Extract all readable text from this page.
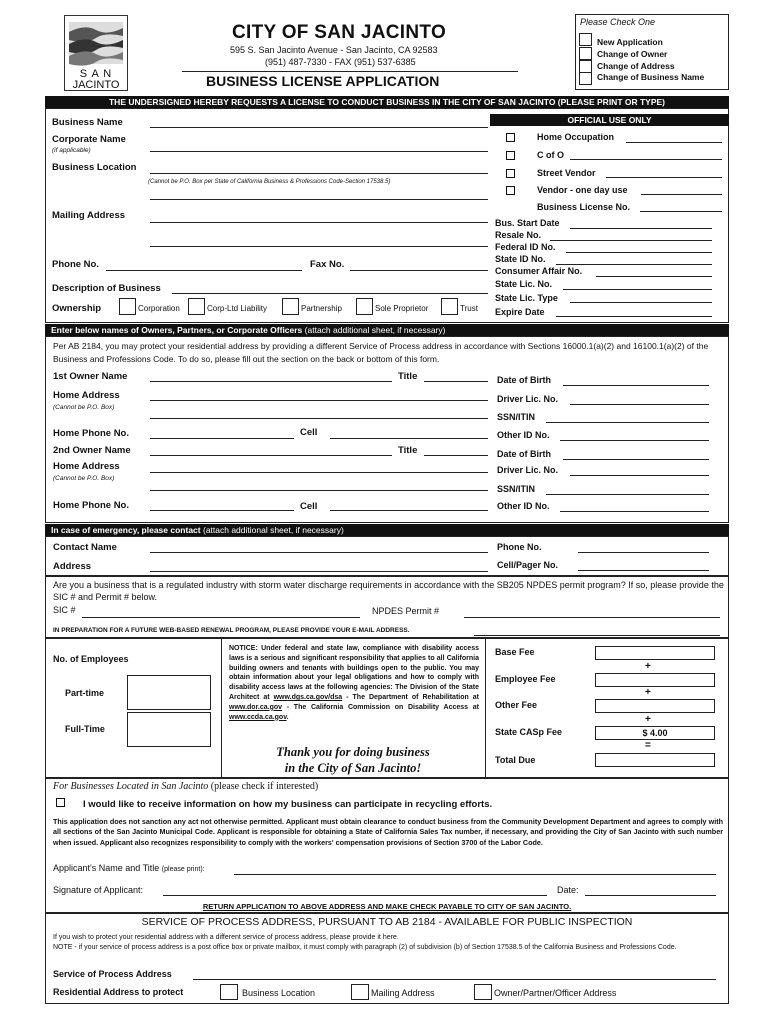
S A N
JACINTO
CITY OF SAN JACINTO
595 S. San Jacinto Avenue - San Jacinto, CA 92583
(951) 487-7330 - FAX (951) 537-6385
BUSINESS LICENSE APPLICATION
Please Check One
New Application
Change of Owner
Change of Address
Change of Business Name
THE UNDERSIGNED HEREBY REQUESTS A LICENSE TO CONDUCT BUSINESS IN THE CITY OF SAN JACINTO (PLEASE PRINT OR TYPE)
Business Name
Corporate Name
(if applicable)
Business Location
(Cannot be P.O. Box per State of California Business & Professions Code-Section 17538.5)
Mailing Address
Phone No.	Fax No.
Description of Business
Ownership	Corporation	Corp-Ltd Liability	Partnership	Sole Proprietor	Trust
OFFICIAL USE ONLY
Home Occupation
C of O
Street Vendor
Vendor - one day use
Business License No.
Bus. Start Date
Resale No.
Federal ID No.
State ID No.
Consumer Affair No.
State Lic. No.
State Lic. Type
Expire Date
Enter below names of Owners, Partners, or Corporate Officers (attach additional sheet, if necessary)
Per AB 2184, you may protect your residential address by providing a different Service of Process address in accordance with Sections 16000.1(a)(2) and 16100.1(a)(2) of the Business and Professions Code. To do so, please fill out the section on the back or bottom of this form.
1st Owner Name	Title
Home Address
(Cannot be P.O. Box)
Home Phone No.	Cell
Date of Birth
Driver Lic. No.
SSN/ITIN
Other ID No.
2nd Owner Name	Title
Home Address
(Cannot be P.O. Box)
Home Phone No.	Cell
Date of Birth
Driver Lic. No.
SSN/ITIN
Other ID No.
In case of emergency, please contact (attach additional sheet, if necessary)
Contact Name
Address
Phone No.
Cell/Pager No.
Are you a business that is a regulated industry with storm water discharge requirements in accordance with the SB205 NPDES permit program? If so, please provide the SIC # and Permit # below.
SIC #	NPDES Permit #
IN PREPARATION FOR A FUTURE WEB-BASED RENEWAL PROGRAM, PLEASE PROVIDE YOUR E-MAIL ADDRESS.
No. of Employees
Part-time
Full-Time
NOTICE: Under federal and state law, compliance with disability access laws is a serious and significant responsibility that applies to all California building owners and tenants with buildings open to the public. You may obtain information about your legal obligations and how to comply with disability access laws at the following agencies: The Division of the State Architect at www.dgs.ca.gov/dsa - The Department of Rehabilitation at www.dor.ca.gov - The California Commission on Disability Access at www.ccda.ca.gov.
Thank you for doing business
in the City of San Jacinto!
Base Fee
+
Employee Fee
+
Other Fee
+
State CASp Fee	$ 4.00
=
Total Due
For Businesses Located in San Jacinto (please check if interested)
I would like to receive information on how my business can participate in recycling efforts.
This application does not sanction any act not otherwise permitted. Applicant must obtain clearance to conduct business from the Community Development Department and agrees to comply with all sections of the San Jacinto Municipal Code. Applicant is responsible for obtaining a State of California Sales Tax number, if necessary, and providing the City of San Jacinto with such number when issued. Applicant also recognizes responsibility to comply with the workers' compensation provisions of Section 3700 of the Labor Code.
Applicant's Name and Title (please print):
Signature of Applicant:	Date:
RETURN APPLICATION TO ABOVE ADDRESS AND MAKE CHECK PAYABLE TO CITY OF SAN JACINTO.
SERVICE OF PROCESS ADDRESS, PURSUANT TO AB 2184 - AVAILABLE FOR PUBLIC INSPECTION
If you wish to protect your residential address with a different service of process address, please provide it here.
NOTE - if your service of process address is a post office box or private mailbox, it must comply with paragraph (2) of subdivision (b) of Section 17538.5 of the California Business and Professions Code.
Service of Process Address
Residential Address to protect	Business Location	Mailing Address	Owner/Partner/Officer Address
